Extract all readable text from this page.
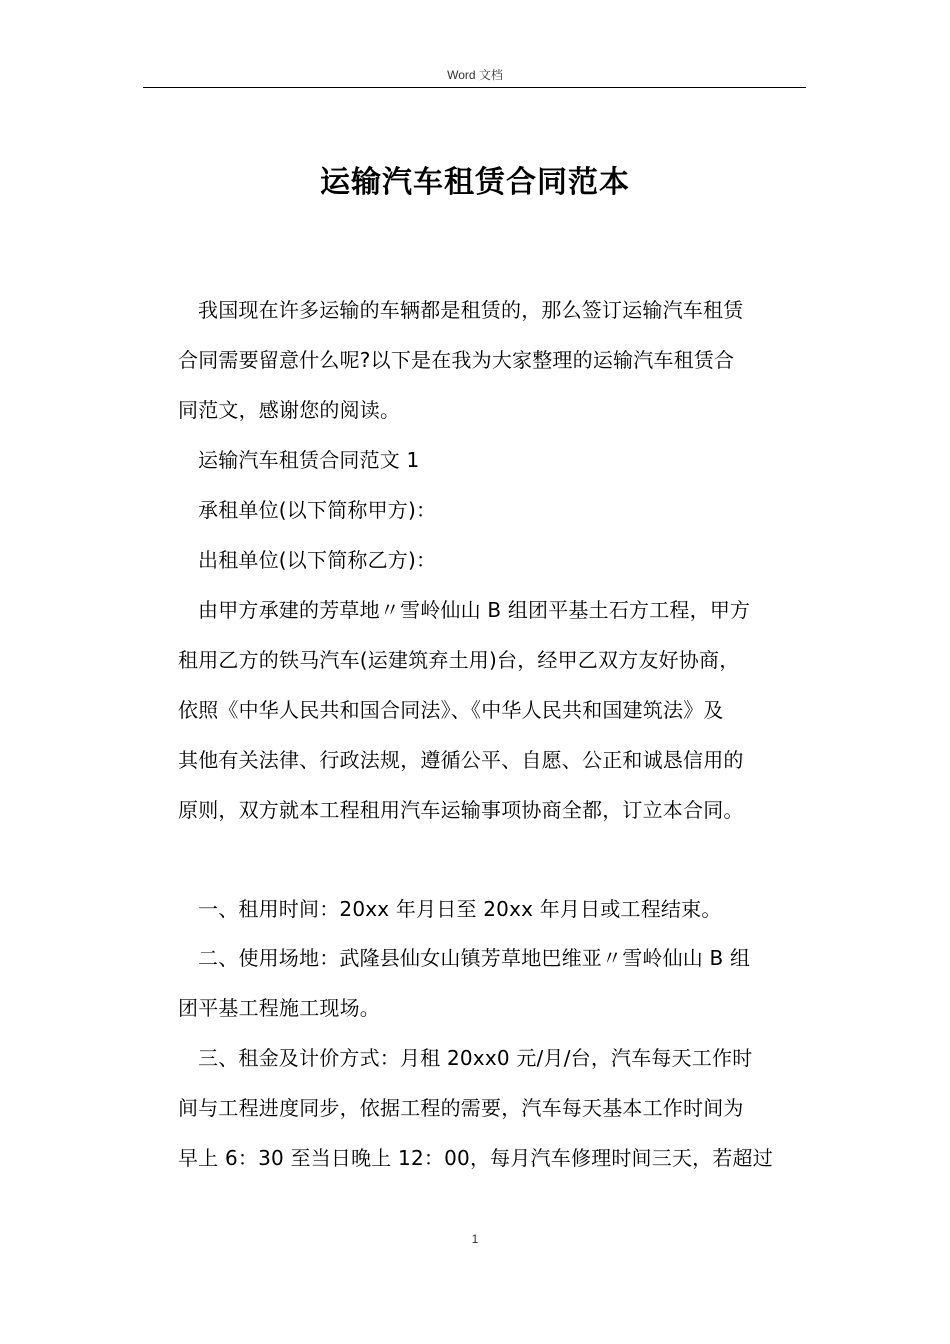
Word 文档
运输汽车租赁合同范本
我国现在许多运输的车辆都是租赁的，那么签订运输汽车租赁
合同需要留意什么呢?以下是在我为大家整理的运输汽车租赁合
同范文，感谢您的阅读。
运输汽车租赁合同范文 1
承租单位(以下简称甲方)：
出租单位(以下简称乙方)：
由甲方承建的芳草地〃雪岭仙山 B 组团平基土石方工程，甲方
租用乙方的铁马汽车(运建筑弃土用)台，经甲乙双方友好协商，
依照《中华人民共和国合同法》、《中华人民共和国建筑法》及
其他有关法律、行政法规，遵循公平、自愿、公正和诚恳信用的
原则，双方就本工程租用汽车运输事项协商全都，订立本合同。
一、租用时间：20xx 年月日至 20xx 年月日或工程结束。
二、使用场地：武隆县仙女山镇芳草地巴维亚〃雪岭仙山 B 组
团平基工程施工现场。
三、租金及计价方式：月租 20xx0 元/月/台，汽车每天工作时
间与工程进度同步，依据工程的需要，汽车每天基本工作时间为
早上 6：30 至当日晚上 12：00，每月汽车修理时间三天，若超过
1
